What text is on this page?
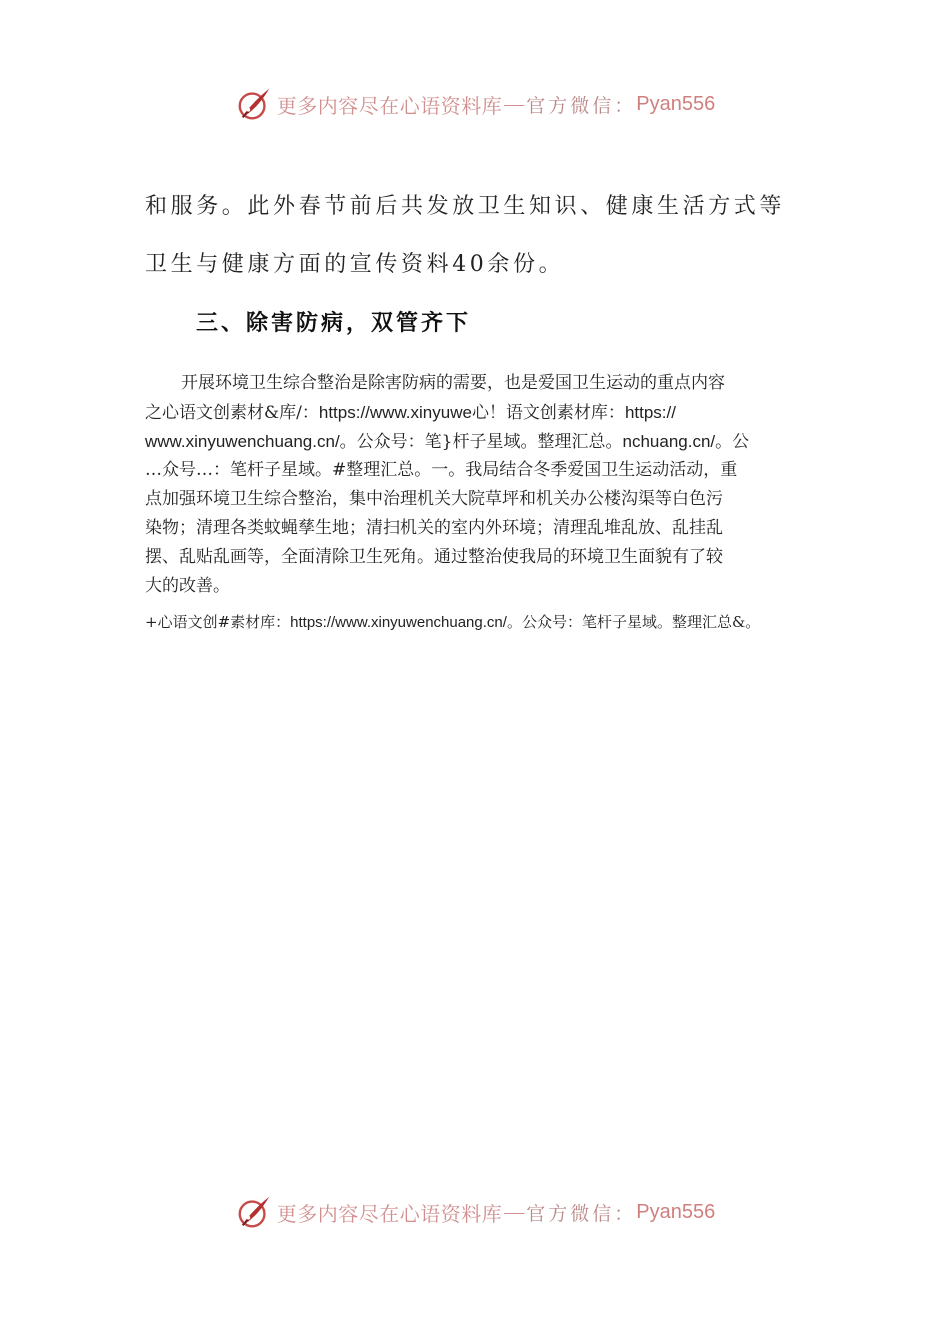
更多内容尽在心语资料库 — 官方微信： Pyan556
和服务。此外春节前后共发放卫生知识、健康生活方式等
卫生与健康方面的宣传资料40余份。
三、除害防病，双管齐下
开展环境卫生综合整治是除害防病的需要，也是爱国卫生运动的重点内容
之心语文创素材&库/：https://www.xinyuwe心！语文创素材库：https://
www.xinyuwenchuang.cn/。公众号：笔}杆子星域。整理汇总。nchuang.cn/。公
…众号…：笔杆子星域。#整理汇总。一。我局结合冬季爱国卫生运动活动，重
点加强环境卫生综合整治，集中治理机关大院草坪和机关办公楼沟渠等白色污
染物；清理各类蚊蝇孳生地；清扫机关的室内外环境；清理乱堆乱放、乱挂乱
摆、乱贴乱画等，全面清除卫生死角。通过整治使我局的环境卫生面貌有了较
大的改善。
+心语文创#素材库：https://www.xinyuwenchuang.cn/。公众号：笔杆子星域。整理汇总&。
更多内容尽在心语资料库 — 官方微信： Pyan556
